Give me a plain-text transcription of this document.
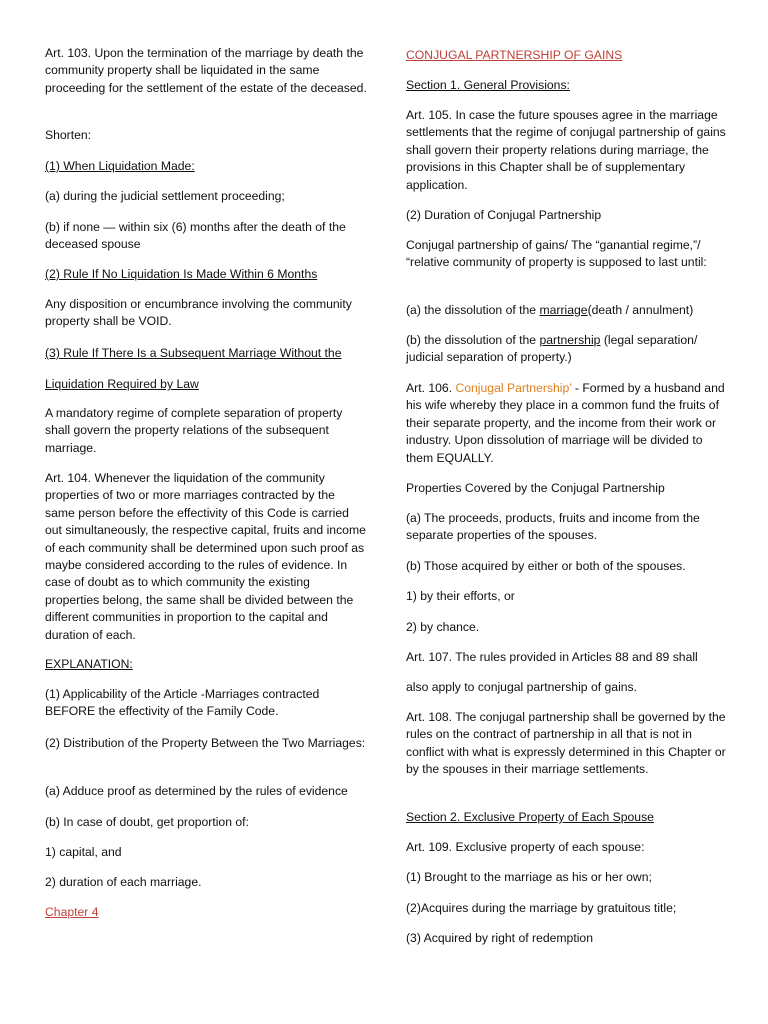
Art. 103. Upon the termination of the marriage by death the community property shall be liquidated in the same proceeding for the settlement of the estate of the deceased.

Shorten:

(1) When Liquidation Made:

(a) during the judicial settlement proceeding;

(b) if none — within six (6) months after the death of the deceased spouse

(2) Rule If No Liquidation Is Made Within 6 Months

Any disposition or encumbrance involving the community property shall be VOID.

(3) Rule If There Is a Subsequent Marriage Without the

Liquidation Required by Law

A mandatory regime of complete separation of property shall govern the property relations of the subsequent marriage.

Art. 104. Whenever the liquidation of the community properties of two or more marriages contracted by the same person before the effectivity of this Code is carried out simultaneously, the respective capital, fruits and income of each community shall be determined upon such proof as maybe considered according to the rules of evidence. In case of doubt as to which community the existing properties belong, the same shall be divided between the different communities in proportion to the capital and duration of each.

EXPLANATION:

(1) Applicability of the Article -Marriages contracted BEFORE the effectivity of the Family Code.

(2) Distribution of the Property Between the Two Marriages:

(a) Adduce proof as determined by the rules of evidence

(b) In case of doubt, get proportion of:

1) capital, and

2) duration of each marriage.

Chapter 4

CONJUGAL PARTNERSHIP OF GAINS

Section 1. General Provisions:

Art. 105. In case the future spouses agree in the marriage settlements that the regime of conjugal partnership of gains shall govern their property relations during marriage, the provisions in this Chapter shall be of supplementary application.

(2) Duration of Conjugal Partnership

Conjugal partnership of gains/ The “ganantial regime,”/ “relative community of property is supposed to last until:

(a) the dissolution of the marriage(death / annulment)

(b) the dissolution of the partnership (legal separation/ judicial separation of property.)

Art. 106. Conjugal Partnership’ - Formed by a husband and his wife whereby they place in a common fund the fruits of their separate property, and the income from their work or industry. Upon dissolution of marriage will be divided to them EQUALLY.

Properties Covered by the Conjugal Partnership

(a) The proceeds, products, fruits and income from the separate properties of the spouses.

(b) Those acquired by either or both of the spouses.

1) by their efforts, or

2) by chance.

Art. 107. The rules provided in Articles 88 and 89 shall

also apply to conjugal partnership of gains.

Art. 108. The conjugal partnership shall be governed by the rules on the contract of partnership in all that is not in conflict with what is expressly determined in this Chapter or by the spouses in their marriage settlements.

Section 2. Exclusive Property of Each Spouse

Art. 109. Exclusive property of each spouse:

(1) Brought to the marriage as his or her own;

(2)Acquires during the marriage by gratuitous title;

(3) Acquired by right of redemption
